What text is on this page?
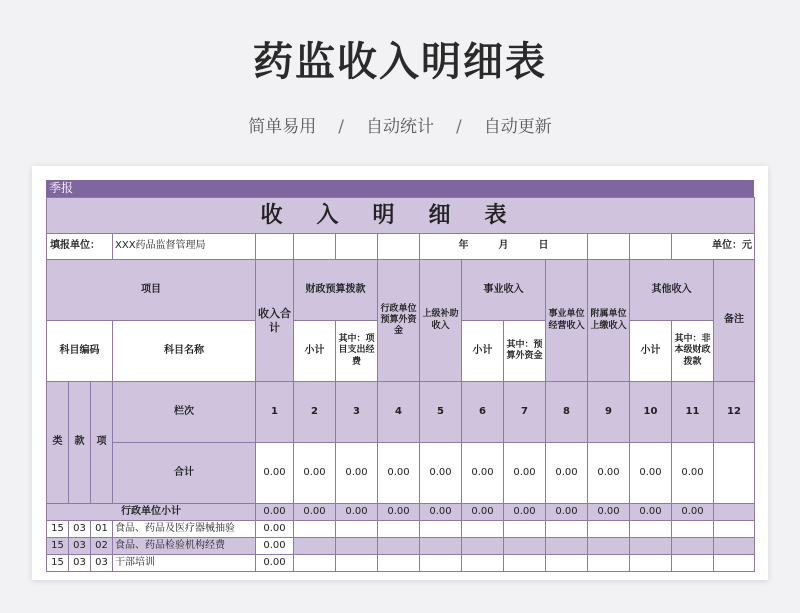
药监收入明细表
简单易用 / 自动统计 / 自动更新
季报
收入明细表															
填报单位：			XXX药品监督管理局					年 月 日						单位：元	
项目				收入合计	财政预算拨款		行政单位预算外资金	上级补助收入	事业收入		事业单位经营收入	附属单位上缴收入	其他收入		备注
科目编码			科目名称		小计	其中：项目支出经费			小计	其中：预算外资金			小计	其中：非本级财政拨款	
类	款	项	栏次	1	2	3	4	5	6	7	8	9	10	11	12
			合计	0.00	0.00	0.00	0.00	0.00	0.00	0.00	0.00	0.00	0.00	0.00	
行政单位小计				0.00	0.00	0.00	0.00	0.00	0.00	0.00	0.00	0.00	0.00	0.00	
15	03	01	食品、药品及医疗器械抽验	0.00											
15	03	02	食品、药品检验机构经费	0.00											
15	03	03	干部培训	0.00											
